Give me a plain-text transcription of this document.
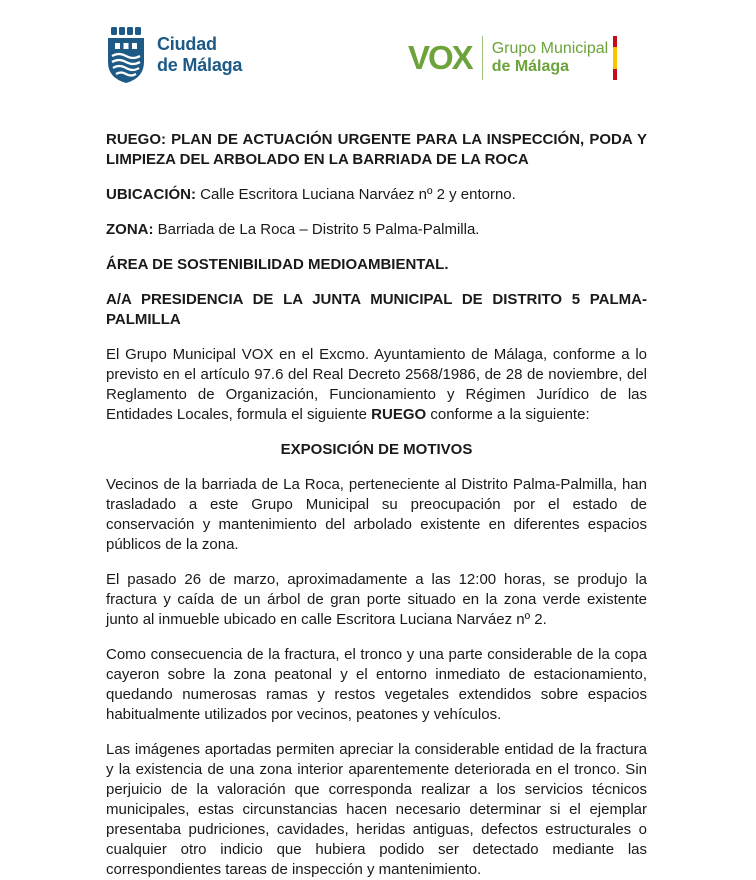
Ciudad
de Málaga	VOX Grupo Municipal
de Málaga

RUEGO: PLAN DE ACTUACIÓN URGENTE PARA LA INSPECCIÓN, PODA Y LIMPIEZA DEL ARBOLADO EN LA BARRIADA DE LA ROCA

UBICACIÓN: Calle Escritora Luciana Narváez nº 2 y entorno.

ZONA: Barriada de La Roca – Distrito 5 Palma-Palmilla.

ÁREA DE SOSTENIBILIDAD MEDIOAMBIENTAL.

A/A PRESIDENCIA DE LA JUNTA MUNICIPAL DE DISTRITO 5 PALMA-PALMILLA

El Grupo Municipal VOX en el Excmo. Ayuntamiento de Málaga, conforme a lo previsto en el artículo 97.6 del Real Decreto 2568/1986, de 28 de noviembre, del Reglamento de Organización, Funcionamiento y Régimen Jurídico de las Entidades Locales, formula el siguiente RUEGO conforme a la siguiente:

EXPOSICIÓN DE MOTIVOS

Vecinos de la barriada de La Roca, perteneciente al Distrito Palma-Palmilla, han trasladado a este Grupo Municipal su preocupación por el estado de conservación y mantenimiento del arbolado existente en diferentes espacios públicos de la zona.

El pasado 26 de marzo, aproximadamente a las 12:00 horas, se produjo la fractura y caída de un árbol de gran porte situado en la zona verde existente junto al inmueble ubicado en calle Escritora Luciana Narváez nº 2.

Como consecuencia de la fractura, el tronco y una parte considerable de la copa cayeron sobre la zona peatonal y el entorno inmediato de estacionamiento, quedando numerosas ramas y restos vegetales extendidos sobre espacios habitualmente utilizados por vecinos, peatones y vehículos.

Las imágenes aportadas permiten apreciar la considerable entidad de la fractura y la existencia de una zona interior aparentemente deteriorada en el tronco. Sin perjuicio de la valoración que corresponda realizar a los servicios técnicos municipales, estas circunstancias hacen necesario determinar si el ejemplar presentaba pudriciones, cavidades, heridas antiguas, defectos estructurales o cualquier otro indicio que hubiera podido ser detectado mediante las correspondientes tareas de inspección y mantenimiento.
